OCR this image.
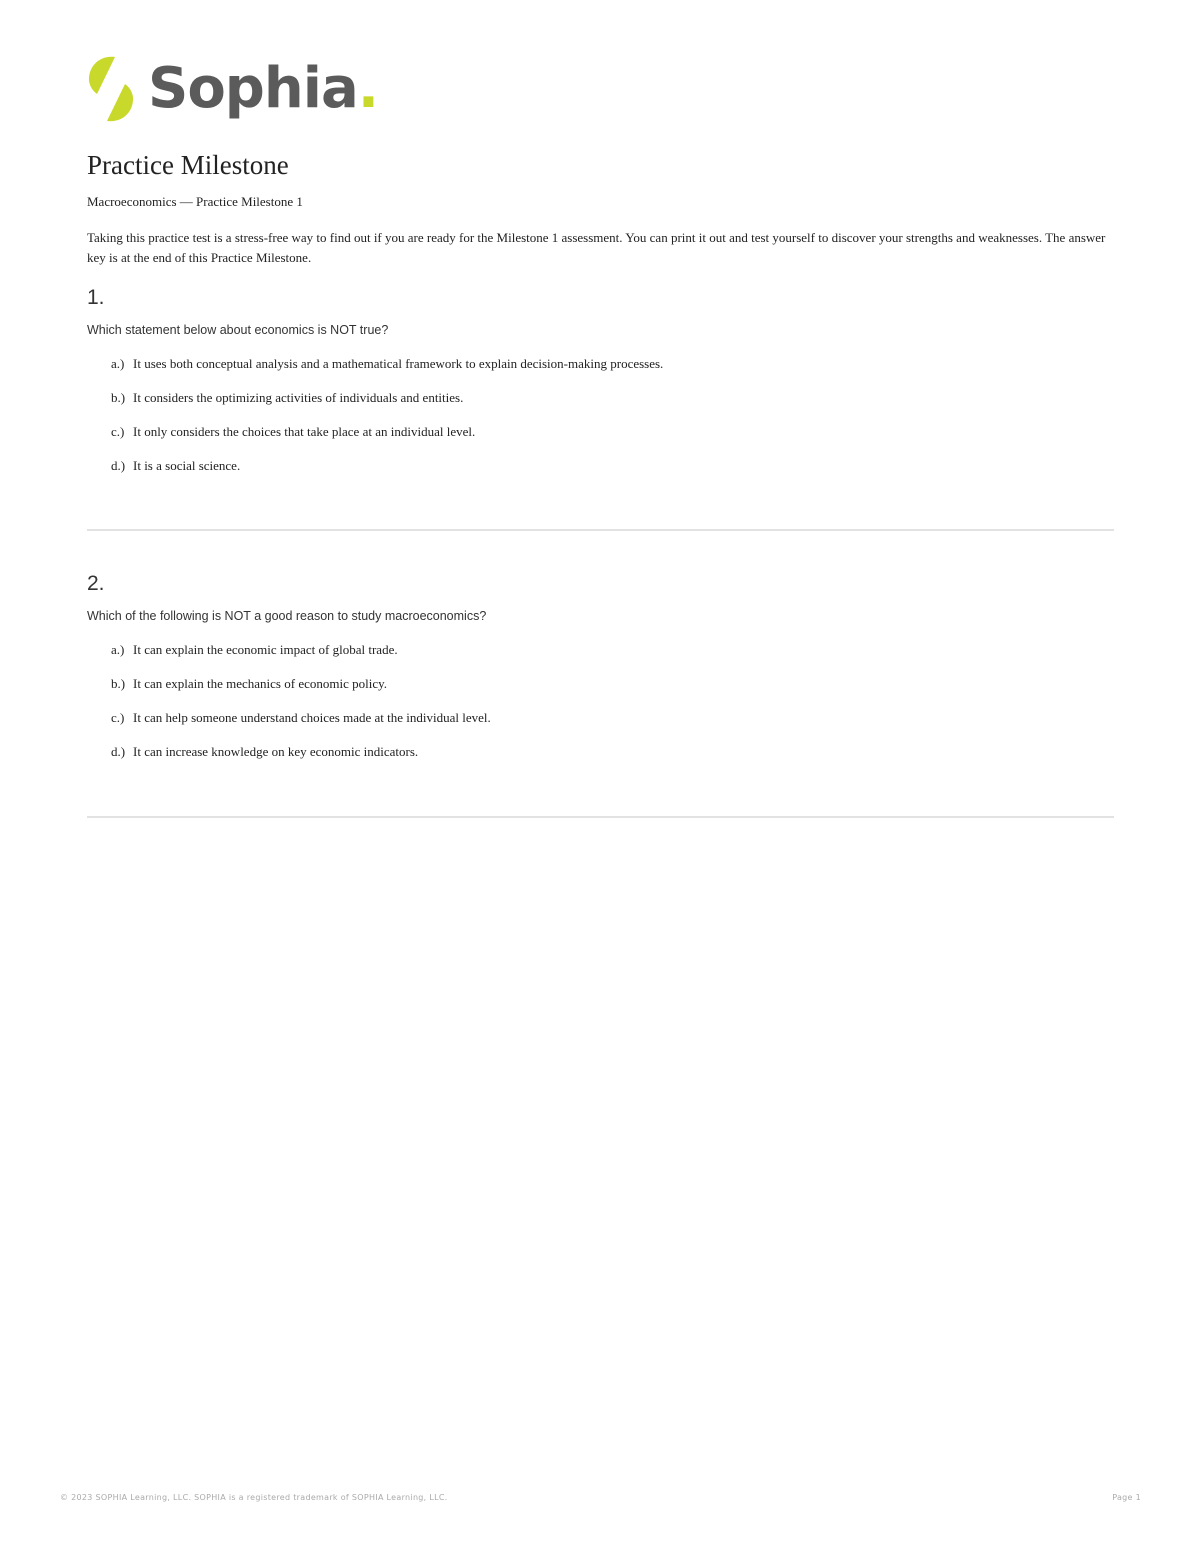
Sophia.
Practice Milestone
Macroeconomics — Practice Milestone 1
Taking this practice test is a stress-free way to find out if you are ready for the Milestone 1 assessment. You can print it out and test yourself to discover your strengths and weaknesses. The answer key is at the end of this Practice Milestone.
1.
Which statement below about economics is NOT true?
a.) It uses both conceptual analysis and a mathematical framework to explain decision-making processes.
b.) It considers the optimizing activities of individuals and entities.
c.) It only considers the choices that take place at an individual level.
d.) It is a social science.
2.
Which of the following is NOT a good reason to study macroeconomics?
a.) It can explain the economic impact of global trade.
b.) It can explain the mechanics of economic policy.
c.) It can help someone understand choices made at the individual level.
d.) It can increase knowledge on key economic indicators.
© 2023 SOPHIA Learning, LLC. SOPHIA is a registered trademark of SOPHIA Learning, LLC.	Page 1
